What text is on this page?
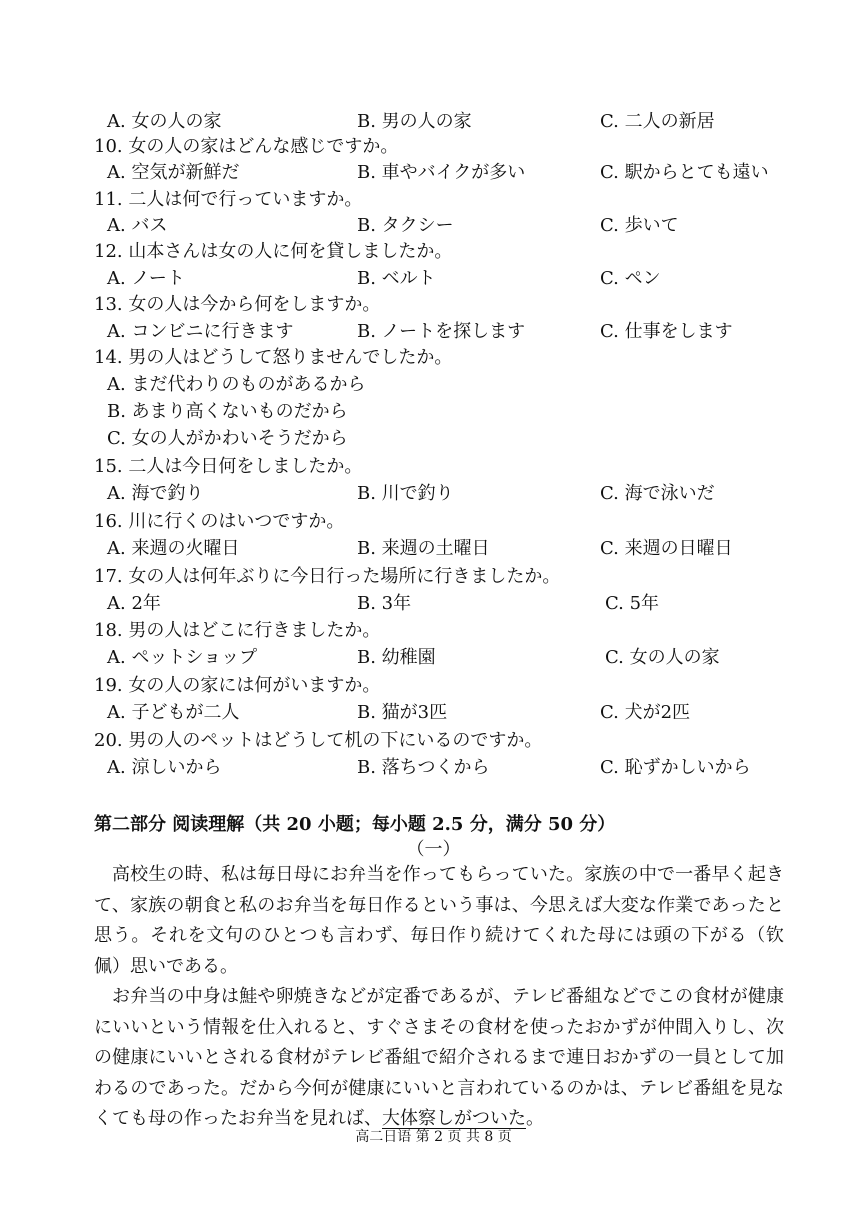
A. 女の人の家	B. 男の人の家	C. 二人の新居
10. 女の人の家はどんな感じですか。
A. 空気が新鮮だ	B. 車やバイクが多い	C. 駅からとても遠い
11. 二人は何で行っていますか。
A. バス	B. タクシー	C. 歩いて
12. 山本さんは女の人に何を貸しましたか。
A. ノート	B. ベルト	C. ペン
13. 女の人は今から何をしますか。
A. コンビニに行きます	B. ノートを探します	C. 仕事をします
14. 男の人はどうして怒りませんでしたか。
A. まだ代わりのものがあるから
B. あまり高くないものだから
C. 女の人がかわいそうだから
15. 二人は今日何をしましたか。
A. 海で釣り	B. 川で釣り	C. 海で泳いだ
16. 川に行くのはいつですか。
A. 来週の火曜日	B. 来週の土曜日	C. 来週の日曜日
17. 女の人は何年ぶりに今日行った場所に行きましたか。
A. 2年	B. 3年	C. 5年
18. 男の人はどこに行きましたか。
A. ペットショップ	B. 幼稚園	C. 女の人の家
19. 女の人の家には何がいますか。
A. 子どもが二人	B. 猫が3匹	C. 犬が2匹
20. 男の人のペットはどうして机の下にいるのですか。
A. 涼しいから	B. 落ちつくから	C. 恥ずかしいから
第二部分 阅读理解（共 20 小题；每小题 2.5 分，满分 50 分）
（一）

高校生の時、私は毎日母にお弁当を作ってもらっていた。家族の中で一番早く起きて、家族の朝食と私のお弁当を毎日作るという事は、今思えば大変な作業であったと思う。それを文句のひとつも言わず、毎日作り続けてくれた母には頭の下がる（钦佩）思いである。

お弁当の中身は鮭や卵焼きなどが定番であるが、テレビ番組などでこの食材が健康にいいという情報を仕入れると、すぐさまその食材を使ったおかずが仲間入りし、次の健康にいいとされる食材がテレビ番組で紹介されるまで連日おかずの一員として加わるのであった。だから今何が健康にいいと言われているのかは、テレビ番組を見なくても母の作ったお弁当を見れば、大体察しがついた。

高二日语 第 2 页 共 8 页
